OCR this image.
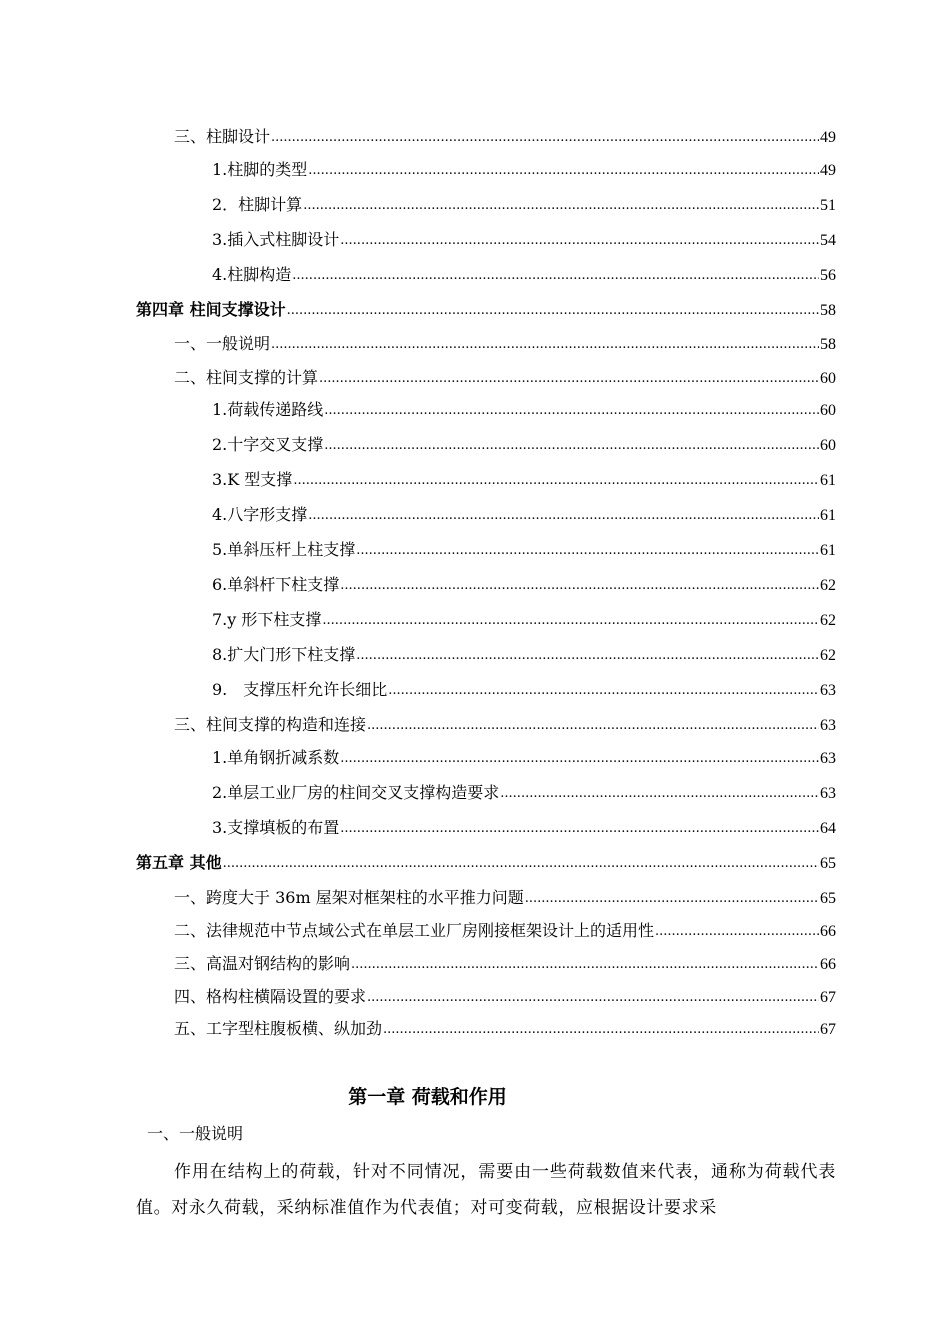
三、柱脚设计 .....	49
1.柱脚的类型 .....	49
2．柱脚计算 .....	51
3.插入式柱脚设计 .....	54
4.柱脚构造 .....	56
第四章 柱间支撑设计 .....	58
一、一般说明 .....	58
二、柱间支撑的计算 .....	60
1.荷载传递路线 .....	60
2.十字交叉支撑 .....	60
3.K 型支撑 .....	61
4.八字形支撑 .....	61
5.单斜压杆上柱支撑 .....	61
6.单斜杆下柱支撑 .....	62
7.y 形下柱支撑 .....	62
8.扩大门形下柱支撑 .....	62
9.　支撑压杆允许长细比 .....	63
三、柱间支撑的构造和连接 .....	63
1.单角钢折减系数 .....	63
2.单层工业厂房的柱间交叉支撑构造要求 .....	63
3.支撑填板的布置 .....	64
第五章 其他 .....	65
一、跨度大于 36m 屋架对框架柱的水平推力问题 .....	65
二、法律规范中节点域公式在单层工业厂房刚接框架设计上的适用性 .....	66
三、高温对钢结构的影响 .....	66
四、格构柱横隔设置的要求 .....	67
五、工字型柱腹板横、纵加劲 .....	67
第一章 荷载和作用
一、一般说明
作用在结构上的荷载，针对不同情况，需要由一些荷载数值来代表，通称为荷载代表值。对永久荷载，采纳标准值作为代表值；对可变荷载，应根据设计要求采
